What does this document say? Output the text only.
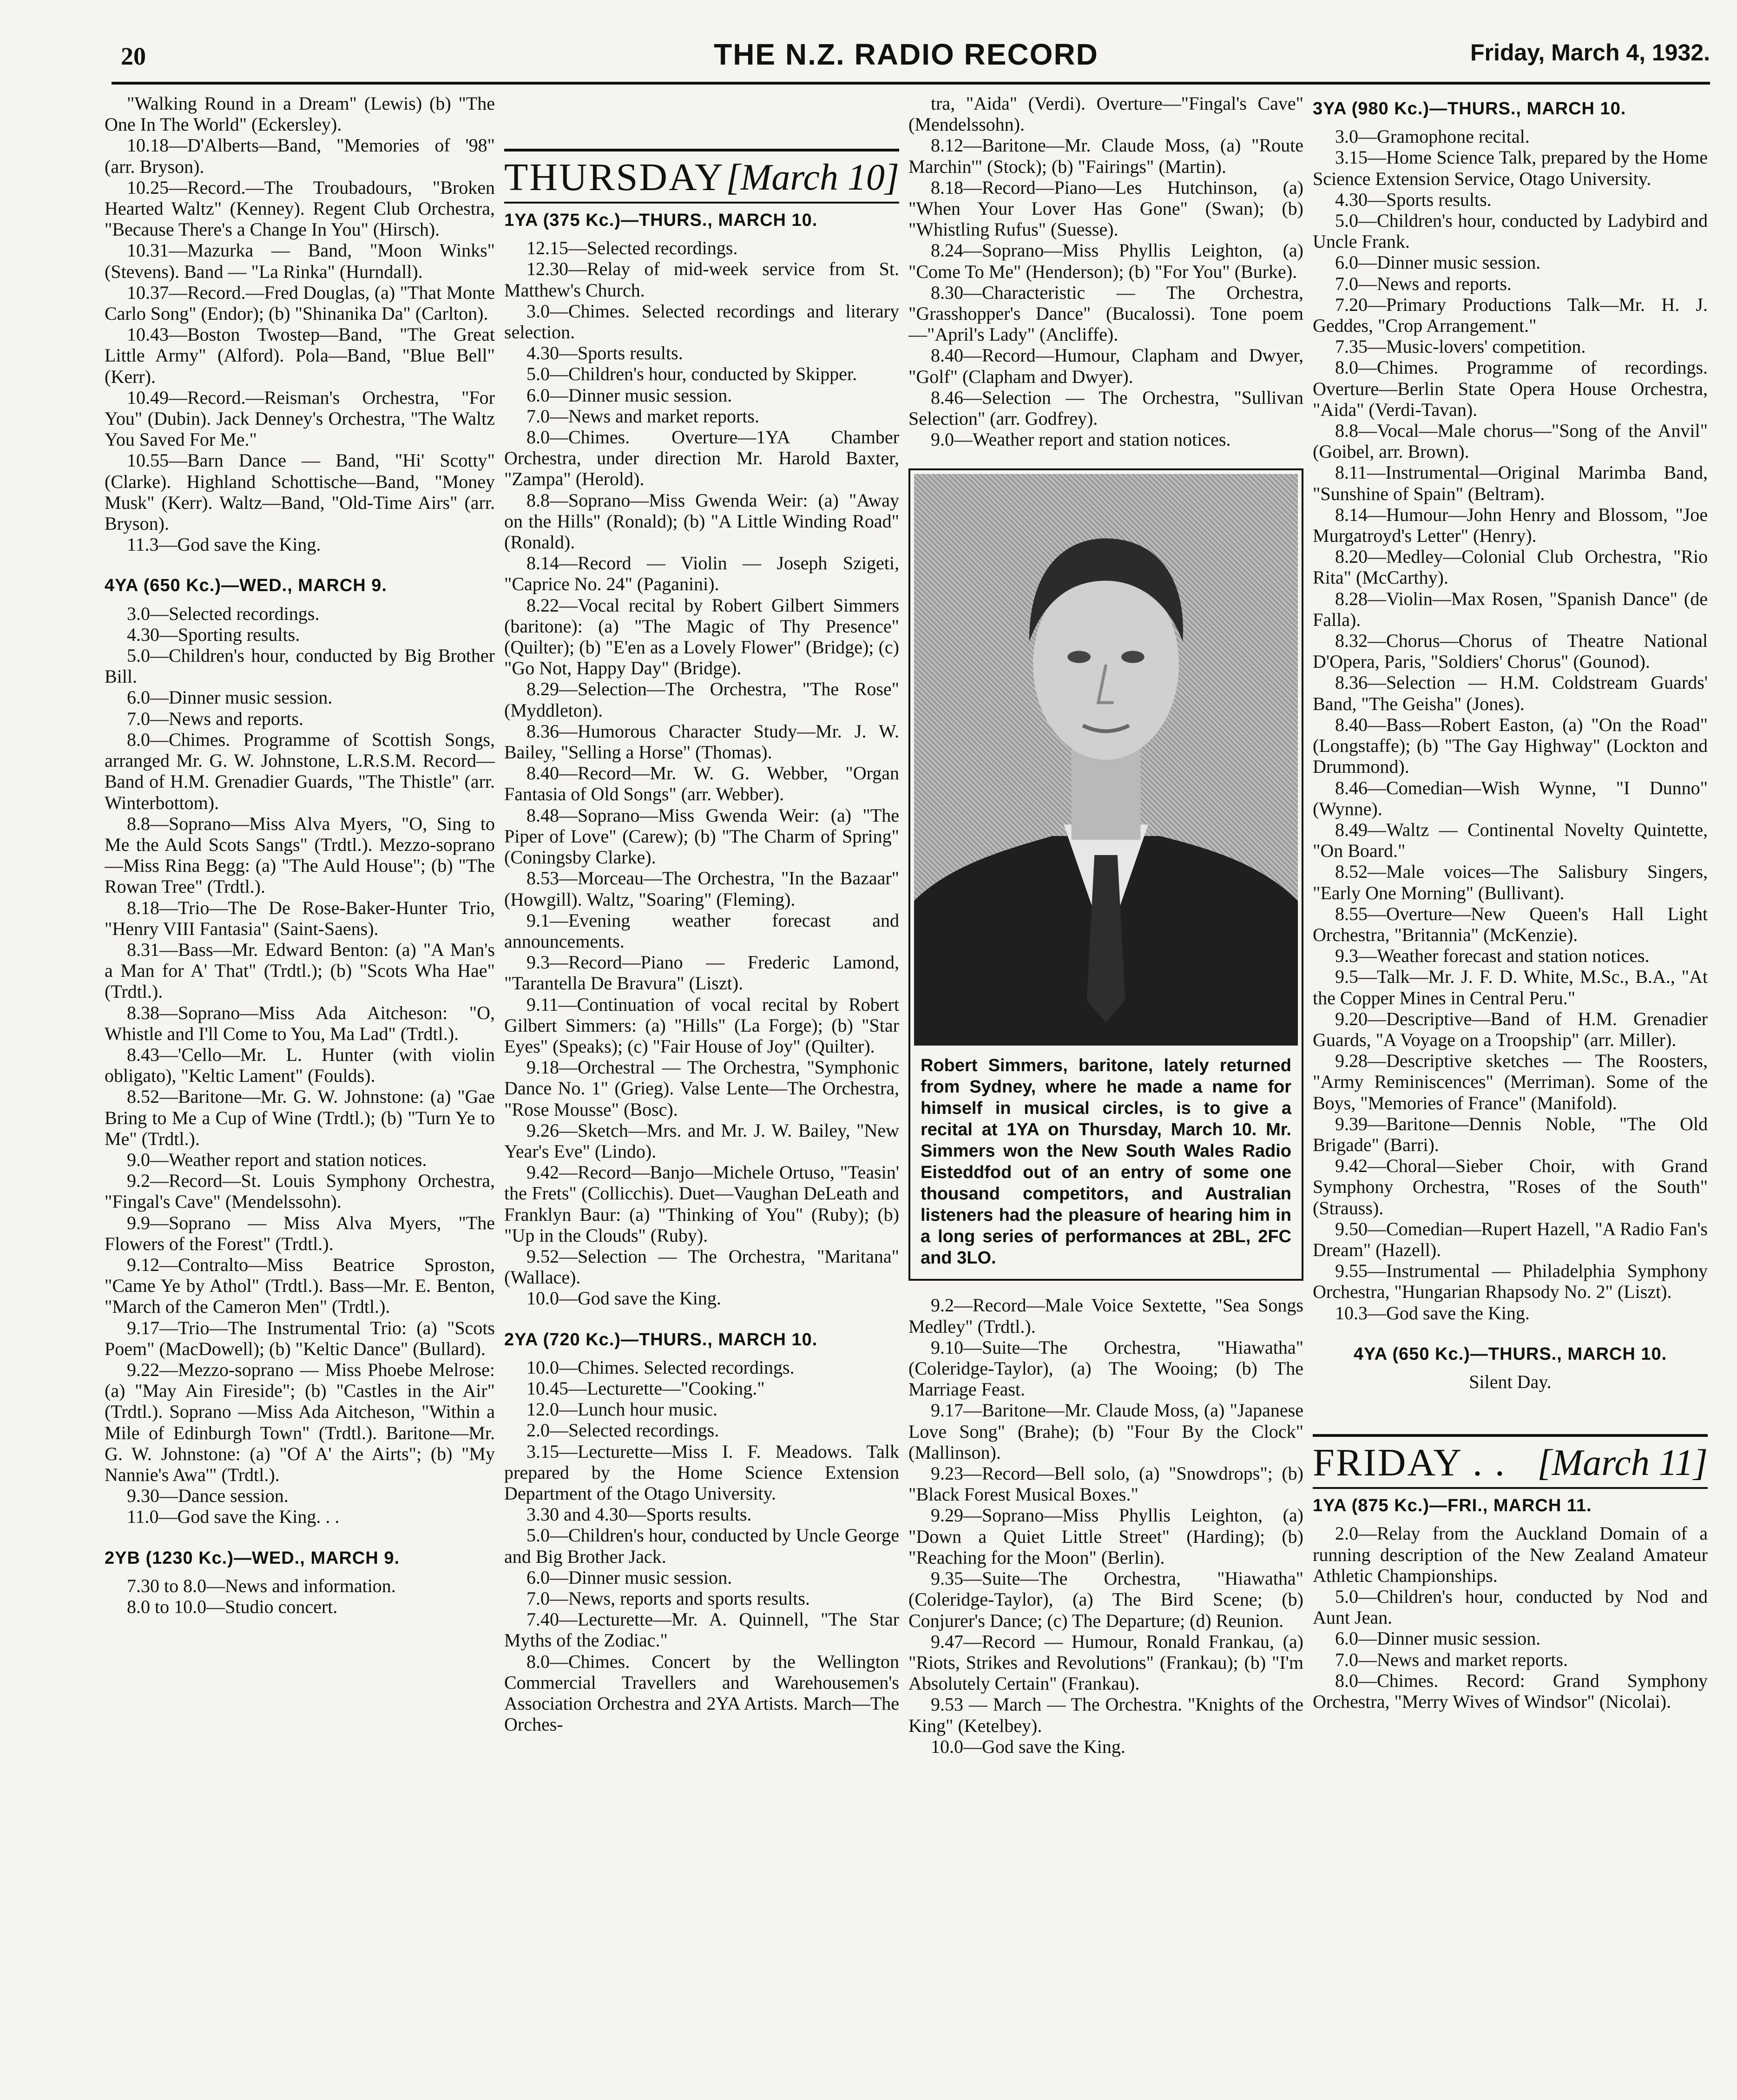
20	THE N.Z. RADIO RECORD	Friday, March 4, 1932.

"Walking Round in a Dream" (Lewis) (b) "The One In The World" (Eckersley).

10.18—D'Alberts—Band, "Memories of '98" (arr. Bryson).

10.25—Record.—The Troubadours, "Broken Hearted Waltz" (Kenney). Regent Club Orchestra, "Because There's a Change In You" (Hirsch).

10.31—Mazurka — Band, "Moon Winks" (Stevens). Band — "La Rinka" (Hurndall).

10.37—Record.—Fred Douglas, (a) "That Monte Carlo Song" (Endor); (b) "Shinanika Da" (Carlton).

10.43—Boston Twostep—Band, "The Great Little Army" (Alford). Pola—Band, "Blue Bell" (Kerr).

10.49—Record.—Reisman's Orchestra, "For You" (Dubin). Jack Denney's Orchestra, "The Waltz You Saved For Me."

10.55—Barn Dance — Band, "Hi' Scotty" (Clarke). Highland Schottische—Band, "Money Musk" (Kerr). Waltz—Band, "Old-Time Airs" (arr. Bryson).

11.3—God save the King.

4YA (650 Kc.)—WED., MARCH 9.

3.0—Selected recordings.

4.30—Sporting results.

5.0—Children's hour, conducted by Big Brother Bill.

6.0—Dinner music session.

7.0—News and reports.

8.0—Chimes. Programme of Scottish Songs, arranged Mr. G. W. Johnstone, L.R.S.M. Record—Band of H.M. Grenadier Guards, "The Thistle" (arr. Winterbottom).

8.8—Soprano—Miss Alva Myers, "O, Sing to Me the Auld Scots Sangs" (Trdtl.). Mezzo-soprano—Miss Rina Begg: (a) "The Auld House"; (b) "The Rowan Tree" (Trdtl.).

8.18—Trio—The De Rose-Baker-Hunter Trio, "Henry VIII Fantasia" (Saint-Saens).

8.31—Bass—Mr. Edward Benton: (a) "A Man's a Man for A' That" (Trdtl.); (b) "Scots Wha Hae" (Trdtl.).

8.38—Soprano—Miss Ada Aitcheson: "O, Whistle and I'll Come to You, Ma Lad" (Trdtl.).

8.43—'Cello—Mr. L. Hunter (with violin obligato), "Keltic Lament" (Foulds).

8.52—Baritone—Mr. G. W. Johnstone: (a) "Gae Bring to Me a Cup of Wine (Trdtl.); (b) "Turn Ye to Me" (Trdtl.).

9.0—Weather report and station notices.

9.2—Record—St. Louis Symphony Orchestra, "Fingal's Cave" (Mendelssohn).

9.9—Soprano — Miss Alva Myers, "The Flowers of the Forest" (Trdtl.).

9.12—Contralto—Miss Beatrice Sproston, "Came Ye by Athol" (Trdtl.). Bass—Mr. E. Benton, "March of the Cameron Men" (Trdtl.).

9.17—Trio—The Instrumental Trio: (a) "Scots Poem" (MacDowell); (b) "Keltic Dance" (Bullard).

9.22—Mezzo-soprano — Miss Phoebe Melrose: (a) "May Ain Fireside"; (b) "Castles in the Air" (Trdtl.). Soprano —Miss Ada Aitcheson, "Within a Mile of Edinburgh Town" (Trdtl.). Baritone—Mr. G. W. Johnstone: (a) "Of A' the Airts"; (b) "My Nannie's Awa'" (Trdtl.).

9.30—Dance session.

11.0—God save the King. . .

2YB (1230 Kc.)—WED., MARCH 9.

7.30 to 8.0—News and information.

8.0 to 10.0—Studio concert.

THURSDAY [March 10]
1YA (375 Kc.)—THURS., MARCH 10.

12.15—Selected recordings.

12.30—Relay of mid-week service from St. Matthew's Church.

3.0—Chimes. Selected recordings and literary selection.

4.30—Sports results.

5.0—Children's hour, conducted by Skipper.

6.0—Dinner music session.

7.0—News and market reports.

8.0—Chimes. Overture—1YA Chamber Orchestra, under direction Mr. Harold Baxter, "Zampa" (Herold).

8.8—Soprano—Miss Gwenda Weir: (a) "Away on the Hills" (Ronald); (b) "A Little Winding Road" (Ronald).

8.14—Record — Violin — Joseph Szigeti, "Caprice No. 24" (Paganini).

8.22—Vocal recital by Robert Gilbert Simmers (baritone): (a) "The Magic of Thy Presence" (Quilter); (b) "E'en as a Lovely Flower" (Bridge); (c) "Go Not, Happy Day" (Bridge).

8.29—Selection—The Orchestra, "The Rose" (Myddleton).

8.36—Humorous Character Study—Mr. J. W. Bailey, "Selling a Horse" (Thomas).

8.40—Record—Mr. W. G. Webber, "Organ Fantasia of Old Songs" (arr. Webber).

8.48—Soprano—Miss Gwenda Weir: (a) "The Piper of Love" (Carew); (b) "The Charm of Spring" (Coningsby Clarke).

8.53—Morceau—The Orchestra, "In the Bazaar" (Howgill). Waltz, "Soaring" (Fleming).

9.1—Evening weather forecast and announcements.

9.3—Record—Piano — Frederic Lamond, "Tarantella De Bravura" (Liszt).

9.11—Continuation of vocal recital by Robert Gilbert Simmers: (a) "Hills" (La Forge); (b) "Star Eyes" (Speaks); (c) "Fair House of Joy" (Quilter).

9.18—Orchestral — The Orchestra, "Symphonic Dance No. 1" (Grieg). Valse Lente—The Orchestra, "Rose Mousse" (Bosc).

9.26—Sketch—Mrs. and Mr. J. W. Bailey, "New Year's Eve" (Lindo).

9.42—Record—Banjo—Michele Ortuso, "Teasin' the Frets" (Collicchis). Duet—Vaughan DeLeath and Franklyn Baur: (a) "Thinking of You" (Ruby); (b) "Up in the Clouds" (Ruby).

9.52—Selection — The Orchestra, "Maritana" (Wallace).

10.0—God save the King.

2YA (720 Kc.)—THURS., MARCH 10.

10.0—Chimes. Selected recordings.

10.45—Lecturette—"Cooking."

12.0—Lunch hour music.

2.0—Selected recordings.

3.15—Lecturette—Miss I. F. Meadows. Talk prepared by the Home Science Extension Department of the Otago University.

3.30 and 4.30—Sports results.

5.0—Children's hour, conducted by Uncle George and Big Brother Jack.

6.0—Dinner music session.

7.0—News, reports and sports results.

7.40—Lecturette—Mr. A. Quinnell, "The Star Myths of the Zodiac."

8.0—Chimes. Concert by the Wellington Commercial Travellers and Warehousemen's Association Orchestra and 2YA Artists. March—The Orches-

tra, "Aida" (Verdi). Overture—"Fingal's Cave" (Mendelssohn).

8.12—Baritone—Mr. Claude Moss, (a) "Route Marchin'" (Stock); (b) "Fairings" (Martin).

8.18—Record—Piano—Les Hutchinson, (a) "When Your Lover Has Gone" (Swan); (b) "Whistling Rufus" (Suesse).

8.24—Soprano—Miss Phyllis Leighton, (a) "Come To Me" (Henderson); (b) "For You" (Burke).

8.30—Characteristic — The Orchestra, "Grasshopper's Dance" (Bucalossi). Tone poem—"April's Lady" (Ancliffe).

8.40—Record—Humour, Clapham and Dwyer, "Golf" (Clapham and Dwyer).

8.46—Selection — The Orchestra, "Sullivan Selection" (arr. Godfrey).

9.0—Weather report and station notices.

Robert Simmers, baritone, lately returned from Sydney, where he made a name for himself in musical circles, is to give a recital at 1YA on Thursday, March 10. Mr. Simmers won the New South Wales Radio Eisteddfod out of an entry of some one thousand competitors, and Australian listeners had the pleasure of hearing him in a long series of performances at 2BL, 2FC and 3LO.

9.2—Record—Male Voice Sextette, "Sea Songs Medley" (Trdtl.).

9.10—Suite—The Orchestra, "Hiawatha" (Coleridge-Taylor), (a) The Wooing; (b) The Marriage Feast.

9.17—Baritone—Mr. Claude Moss, (a) "Japanese Love Song" (Brahe); (b) "Four By the Clock" (Mallinson).

9.23—Record—Bell solo, (a) "Snowdrops"; (b) "Black Forest Musical Boxes."

9.29—Soprano—Miss Phyllis Leighton, (a) "Down a Quiet Little Street" (Harding); (b) "Reaching for the Moon" (Berlin).

9.35—Suite—The Orchestra, "Hiawatha" (Coleridge-Taylor), (a) The Bird Scene; (b) Conjurer's Dance; (c) The Departure; (d) Reunion.

9.47—Record — Humour, Ronald Frankau, (a) "Riots, Strikes and Revolutions" (Frankau); (b) "I'm Absolutely Certain" (Frankau).

9.53 — March — The Orchestra. "Knights of the King" (Ketelbey).

10.0—God save the King.

3YA (980 Kc.)—THURS., MARCH 10.

3.0—Gramophone recital.

3.15—Home Science Talk, prepared by the Home Science Extension Service, Otago University.

4.30—Sports results.

5.0—Children's hour, conducted by Ladybird and Uncle Frank.

6.0—Dinner music session.

7.0—News and reports.

7.20—Primary Productions Talk—Mr. H. J. Geddes, "Crop Arrangement."

7.35—Music-lovers' competition.

8.0—Chimes. Programme of recordings. Overture—Berlin State Opera House Orchestra, "Aida" (Verdi-Tavan).

8.8—Vocal—Male chorus—"Song of the Anvil" (Goibel, arr. Brown).

8.11—Instrumental—Original Marimba Band, "Sunshine of Spain" (Beltram).

8.14—Humour—John Henry and Blossom, "Joe Murgatroyd's Letter" (Henry).

8.20—Medley—Colonial Club Orchestra, "Rio Rita" (McCarthy).

8.28—Violin—Max Rosen, "Spanish Dance" (de Falla).

8.32—Chorus—Chorus of Theatre National D'Opera, Paris, "Soldiers' Chorus" (Gounod).

8.36—Selection — H.M. Coldstream Guards' Band, "The Geisha" (Jones).

8.40—Bass—Robert Easton, (a) "On the Road" (Longstaffe); (b) "The Gay Highway" (Lockton and Drummond).

8.46—Comedian—Wish Wynne, "I Dunno" (Wynne).

8.49—Waltz — Continental Novelty Quintette, "On Board."

8.52—Male voices—The Salisbury Singers, "Early One Morning" (Bullivant).

8.55—Overture—New Queen's Hall Light Orchestra, "Britannia" (McKenzie).

9.3—Weather forecast and station notices.

9.5—Talk—Mr. J. F. D. White, M.Sc., B.A., "At the Copper Mines in Central Peru."

9.20—Descriptive—Band of H.M. Grenadier Guards, "A Voyage on a Troopship" (arr. Miller).

9.28—Descriptive sketches — The Roosters, "Army Reminiscences" (Merriman). Some of the Boys, "Memories of France" (Manifold).

9.39—Baritone—Dennis Noble, "The Old Brigade" (Barri).

9.42—Choral—Sieber Choir, with Grand Symphony Orchestra, "Roses of the South" (Strauss).

9.50—Comedian—Rupert Hazell, "A Radio Fan's Dream" (Hazell).

9.55—Instrumental — Philadelphia Symphony Orchestra, "Hungarian Rhapsody No. 2" (Liszt).

10.3—God save the King.

4YA (650 Kc.)—THURS., MARCH 10.

Silent Day.

FRIDAY . . [March 11]
1YA (875 Kc.)—FRI., MARCH 11.

2.0—Relay from the Auckland Domain of a running description of the New Zealand Amateur Athletic Championships.

5.0—Children's hour, conducted by Nod and Aunt Jean.

6.0—Dinner music session.

7.0—News and market reports.

8.0—Chimes. Record: Grand Symphony Orchestra, "Merry Wives of Windsor" (Nicolai).
